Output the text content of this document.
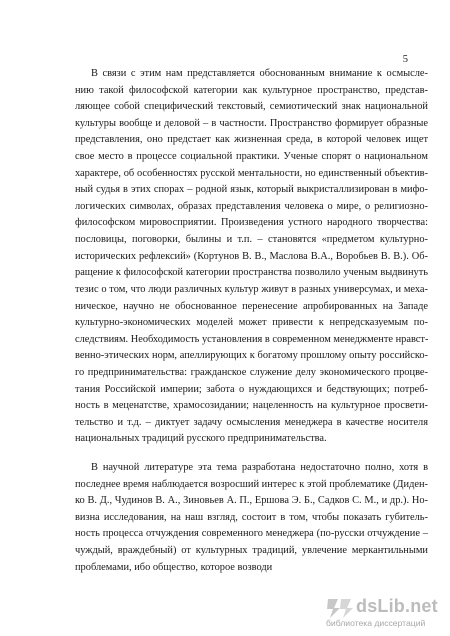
5
В связи с этим нам представляется обоснованным внимание к осмысле-
нию такой философской категории как культурное пространство, представ-
ляющее собой специфический текстовый, семиотический знак национальной
культуры вообще и деловой – в частности. Пространство формирует образные
представления, оно предстает как жизненная среда, в которой человек ищет
свое место в процессе социальной практики. Ученые спорят о национальном
характере, об особенностях русской ментальности, но единственный объектив-
ный судья в этих спорах – родной язык, который выкристаллизирован в мифо-
логических символах, образах представления человека о мире, о религиозно-
философском мировосприятии. Произведения устного народного творчества:
пословицы, поговорки, былины и т.п. – становятся «предметом культурно-
исторических рефлексий» (Кортунов В. В., Маслова В.А., Воробьев В. В.). Об-
ращение к философской категории пространства позволило ученым выдвинуть
тезис о том, что люди различных культур живут в разных универсумах, и меха-
ническое, научно не обоснованное перенесение апробированных на Западе
культурно-экономических моделей может привести к непредсказуемым по-
следствиям. Необходимость установления в современном менеджменте нравст-
венно-этических норм, апеллирующих к богатому прошлому опыту российско-
го предпринимательства: гражданское служение делу экономического процве-
тания Российской империи; забота о нуждающихся и бедствующих; потреб-
ность в меценатстве, храмосозидании; нацеленность на культурное просвети-
тельство и т.д. – диктует задачу осмысления менеджера в качестве носителя
национальных традиций русского предпринимательства.
В научной литературе эта тема разработана недостаточно полно, хотя в
последнее время наблюдается возросший интерес к этой проблематике (Диден-
ко В. Д., Чудинов В. А., Зиновьев А. П., Ершова Э. Б., Садков С. М., и др.). Но-
визна исследования, на наш взгляд, состоит в том, чтобы показать губитель-
ность процесса отчуждения современного менеджера (по-русски отчуждение –
чуждый, враждебный) от культурных традиций, увлечение меркантильными
проблемами, ибо общество, которое возводи
dsLib.net
библиотека диссертаций
